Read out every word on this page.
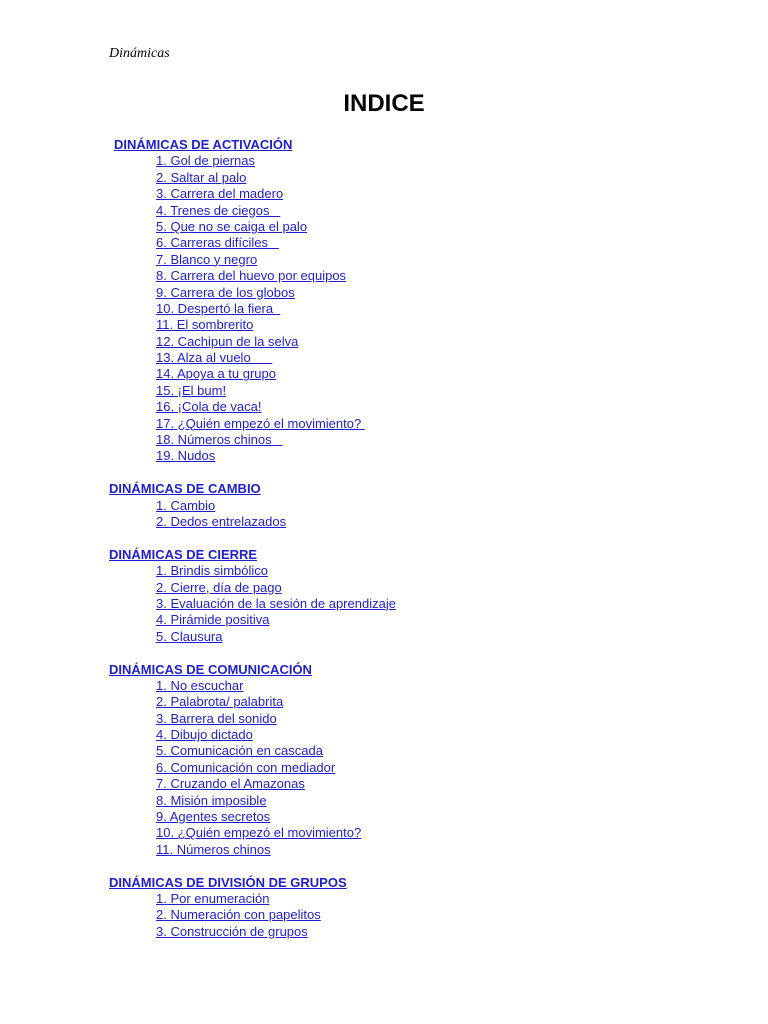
Dinámicas
INDICE
DINÁMICAS DE ACTIVACIÓN
1. Gol de piernas
2. Saltar al palo
3. Carrera del madero
4. Trenes de ciegos
5. Que no se caiga el palo
6. Carreras difíciles
7. Blanco y negro
8. Carrera del huevo por equipos
9. Carrera de los globos
10. Despertó la fiera
11. El sombrerito
12. Cachipun de la selva
13. Alza al vuelo
14. Apoya a tu grupo
15. ¡El bum!
16. ¡Cola de vaca!
17. ¿Quién empezó el movimiento?
18. Números chinos
19. Nudos
DINÁMICAS DE CAMBIO
1. Cambio
2. Dedos entrelazados
DINÁMICAS DE CIERRE
1. Brindis simbólico
2. Cierre, día de pago
3. Evaluación de la sesión de aprendizaje
4. Pirámide positiva
5. Clausura
DINÁMICAS DE COMUNICACIÓN
1. No escuchar
2. Palabrota/ palabrita
3. Barrera del sonido
4. Dibujo dictado
5. Comunicación en cascada
6. Comunicación con mediador
7. Cruzando el Amazonas
8. Misión imposible
9. Agentes secretos
10. ¿Quién empezó el movimiento?
11. Números chinos
DINÁMICAS DE DIVISIÓN DE GRUPOS
1. Por enumeración
2. Numeración con papelitos
3. Construcción de grupos
